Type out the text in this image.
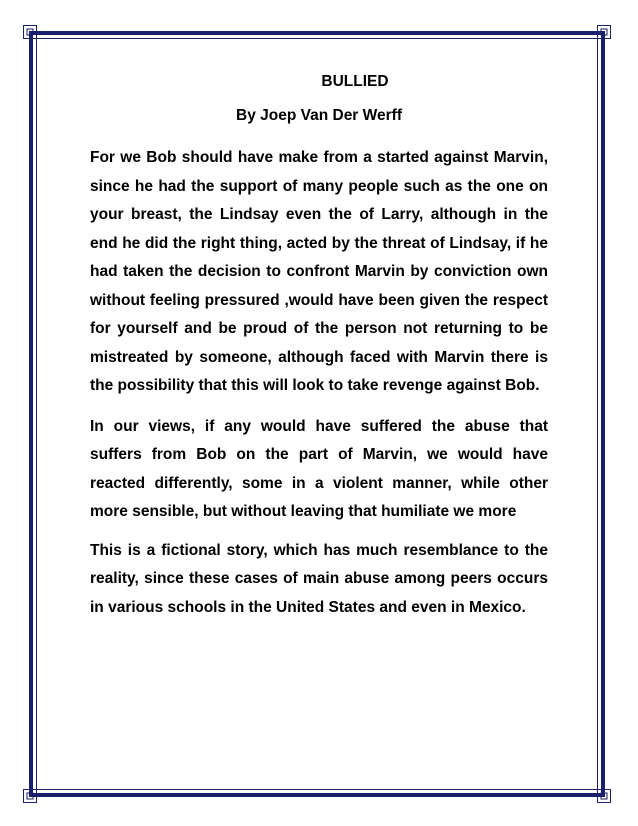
BULLIED

By Joep Van Der Werff

For we Bob should have make from a started against Marvin, since he had the support of many people such as the one on your breast, the Lindsay even the of Larry, although in the end he did the right thing, acted by the threat of Lindsay, if he had taken the decision to confront Marvin by conviction own without feeling pressured ,would have been given the respect for yourself and be proud of the person not returning to be mistreated by someone, although faced with Marvin there is the possibility that this will look to take revenge against Bob.

In our views, if any would have suffered the abuse that suffers from Bob on the part of Marvin, we would have reacted differently, some in a violent manner, while other more sensible, but without leaving that humiliate we more

This is a fictional story, which has much resemblance to the reality, since these cases of main abuse among peers occurs in various schools in the United States and even in Mexico.
